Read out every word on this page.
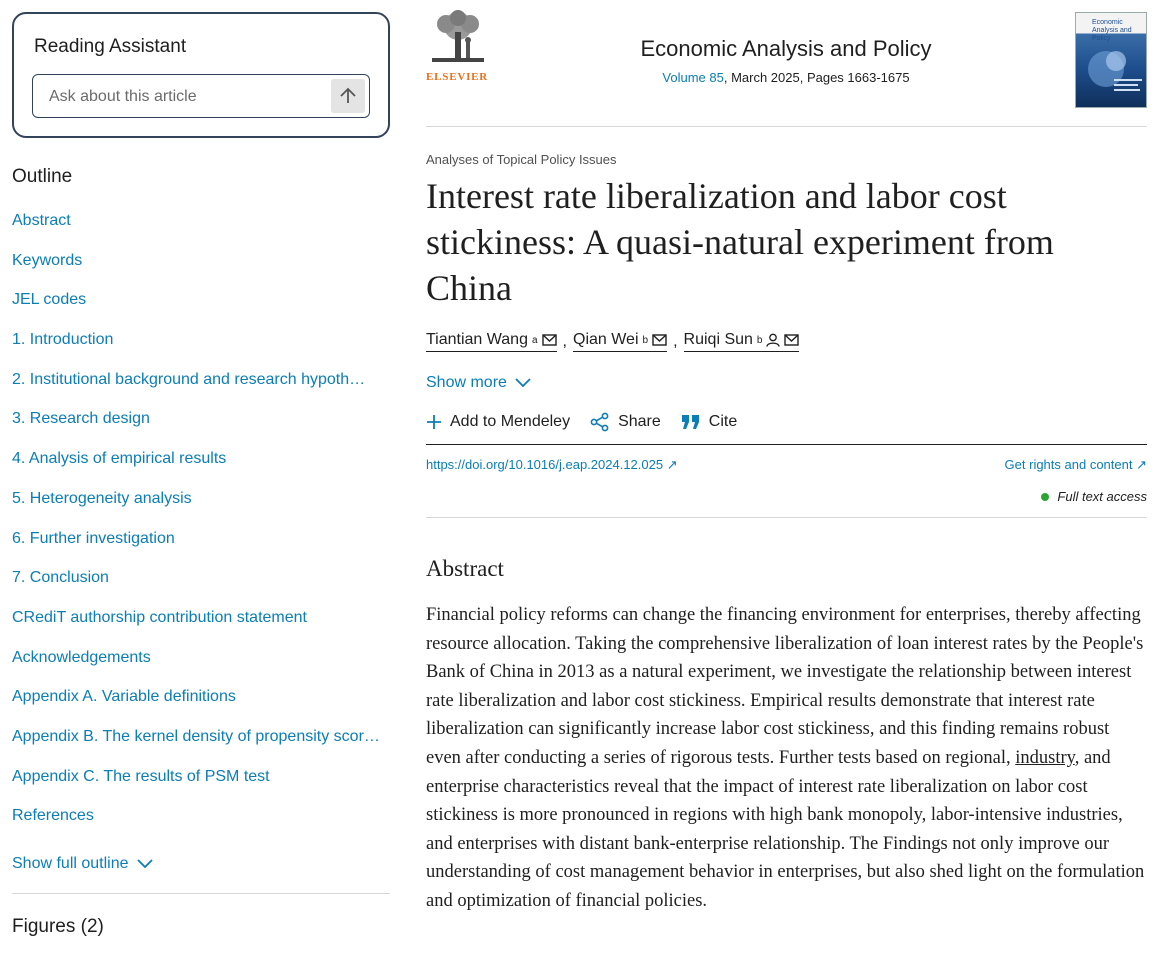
Reading Assistant
Ask about this article
Outline
Abstract
Keywords
JEL codes
1. Introduction
2. Institutional background and research hypoth…
3. Research design
4. Analysis of empirical results
5. Heterogeneity analysis
6. Further investigation
7. Conclusion
CRediT authorship contribution statement
Acknowledgements
Appendix A. Variable definitions
Appendix B. The kernel density of propensity scor…
Appendix C. The results of PSM test
References
Show full outline
Figures (2)
ELSEVIER
Economic Analysis and Policy
Volume 85, March 2025, Pages 1663-1675
Economic Analysis and Policy
Analyses of Topical Policy Issues
Interest rate liberalization and labor cost stickiness: A quasi-natural experiment from China
Tiantian Wang a , Qian Wei b , Ruiqi Sun b
Show more
Add to Mendeley	Share	Cite
https://doi.org/10.1016/j.eap.2024.12.025 ↗	Get rights and content ↗
Full text access
Abstract

Financial policy reforms can change the financing environment for enterprises, thereby affecting resource allocation. Taking the comprehensive liberalization of loan interest rates by the People's Bank of China in 2013 as a natural experiment, we investigate the relationship between interest rate liberalization and labor cost stickiness. Empirical results demonstrate that interest rate liberalization can significantly increase labor cost stickiness, and this finding remains robust even after conducting a series of rigorous tests. Further tests based on regional, industry, and enterprise characteristics reveal that the impact of interest rate liberalization on labor cost stickiness is more pronounced in regions with high bank monopoly, labor-intensive industries, and enterprises with distant bank-enterprise relationship. The Findings not only improve our understanding of cost management behavior in enterprises, but also shed light on the formulation and optimization of financial policies.
